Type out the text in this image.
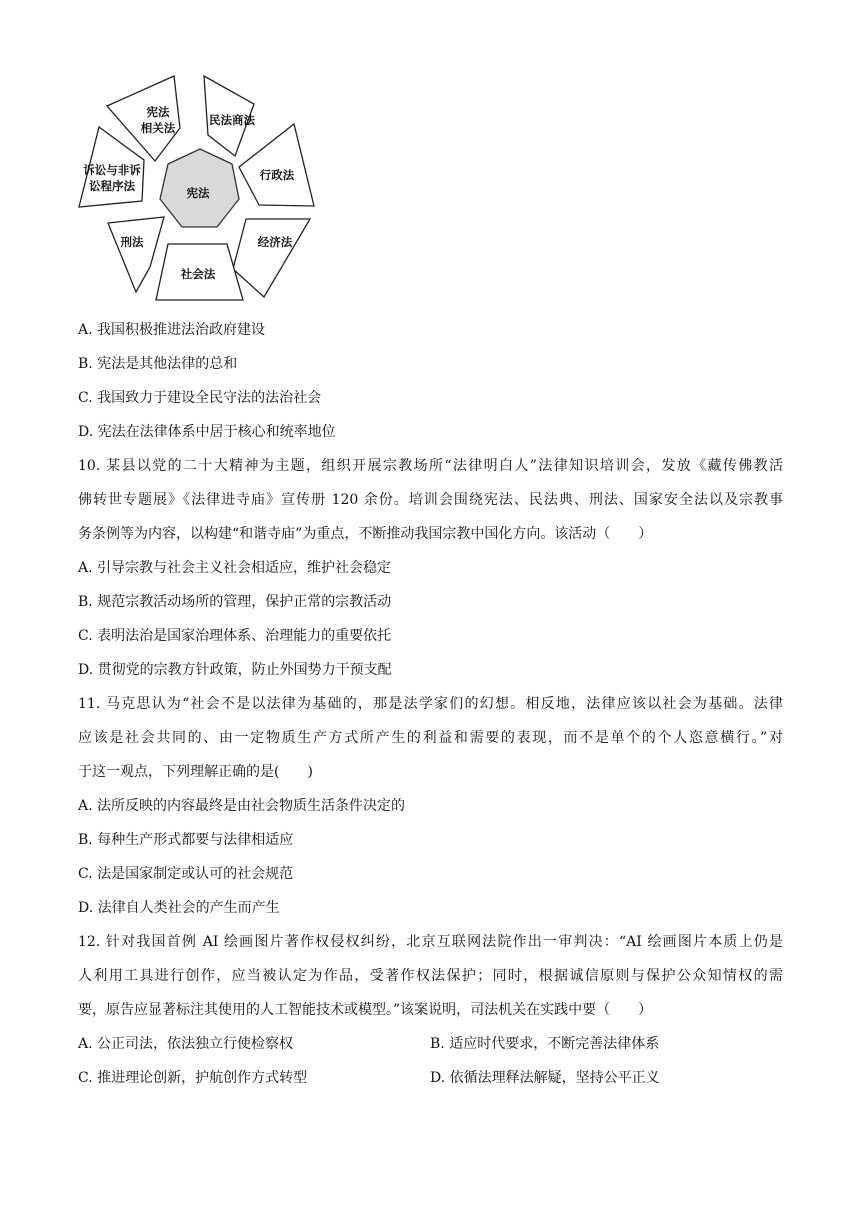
宪法
宪法
相关法
民法商法
行政法
经济法
社会法
刑法
诉讼与非诉
讼程序法
A. 我国积极推进法治政府建设
B. 宪法是其他法律的总和
C. 我国致力于建设全民守法的法治社会
D. 宪法在法律体系中居于核心和统率地位
10. 某县以党的二十大精神为主题，组织开展宗教场所“法律明白人”法律知识培训会，发放《藏传佛教活
佛转世专题展》《法律进寺庙》宣传册 120 余份。培训会围绕宪法、民法典、刑法、国家安全法以及宗教事
务条例等为内容，以构建“和谐寺庙”为重点，不断推动我国宗教中国化方向。该活动（　　）
A. 引导宗教与社会主义社会相适应，维护社会稳定
B. 规范宗教活动场所的管理，保护正常的宗教活动
C. 表明法治是国家治理体系、治理能力的重要依托
D. 贯彻党的宗教方针政策，防止外国势力干预支配
11. 马克思认为“社会不是以法律为基础的，那是法学家们的幻想。相反地，法律应该以社会为基础。法律
应该是社会共同的、由一定物质生产方式所产生的利益和需要的表现，而不是单个的个人恣意横行。”对
于这一观点，下列理解正确的是(　　)
A. 法所反映的内容最终是由社会物质生活条件决定的
B. 每种生产形式都要与法律相适应
C. 法是国家制定或认可的社会规范
D. 法律自人类社会的产生而产生
12. 针对我国首例 AI 绘画图片著作权侵权纠纷，北京互联网法院作出一审判决：“AI 绘画图片本质上仍是
人利用工具进行创作，应当被认定为作品，受著作权法保护；同时，根据诚信原则与保护公众知情权的需
要，原告应显著标注其使用的人工智能技术或模型。”该案说明，司法机关在实践中要（　　）
A. 公正司法，依法独立行使检察权	B. 适应时代要求，不断完善法律体系
C. 推进理论创新，护航创作方式转型	D. 依循法理释法解疑，坚持公平正义
